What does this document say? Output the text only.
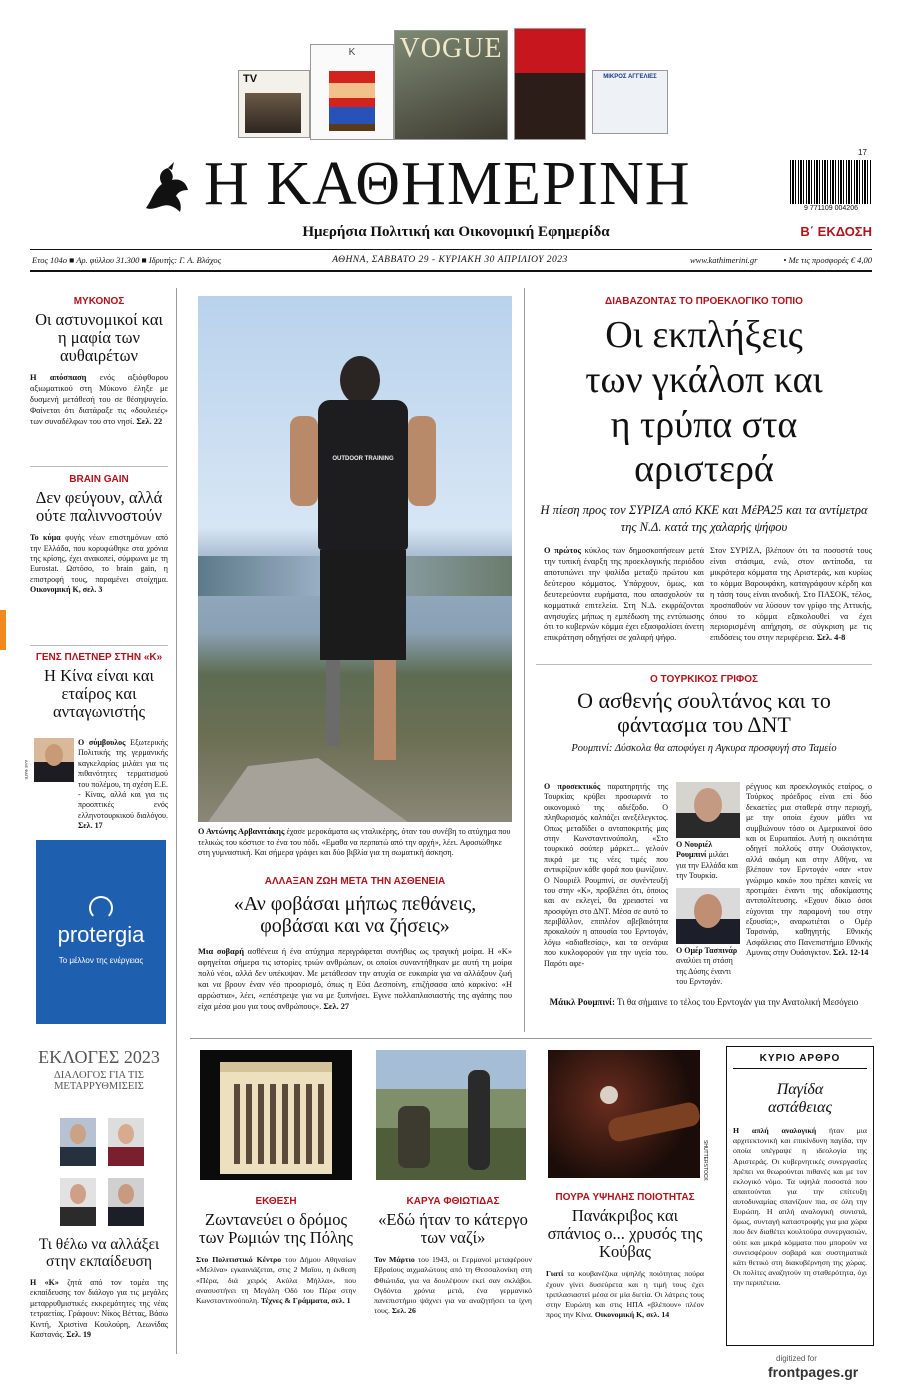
TV
K	VOGUE
ΜΙΚΡΟΣ ΑΓΓΕΛΙΕΣ
Η ΚΑΘΗΜΕΡΙΝΗ
Ημερήσια Πολιτική και Οικονομική Εφημερίδα
17
9 771109 004206
Β΄ ΕΚΔΟΣΗ
Ετος 104ο ■ Αρ. φύλλου 31.300 ■ Ιδρυτής: Γ. Α. Βλάχος	ΑΘΗΝΑ, ΣΑΒΒΑΤΟ 29 - ΚΥΡΙΑΚΗ 30 ΑΠΡΙΛΙΟΥ 2023	www.kathimerini.gr	• Με τις προσφορές € 4,00
ΜΥΚΟΝΟΣ
Οι αστυνομικοί και η μαφία των αυθαιρέτων
Η απόσπαση ενός αξιόφθορου αξιωματικού στη Μύκονο έληξε με δυσμενή μετάθεσή του σε θέσηψυγείο. Φαίνεται ότι διατάραξε τις «δουλειές» των συναδέλφων του στο νησί. Σελ. 22
BRAIN GAIN
Δεν φεύγουν, αλλά ούτε παλιννοστούν
Το κύμα φυγής νέων επιστημόνων από την Ελλάδα, που κορυφώθηκε στα χρόνια της κρίσης, έχει ανακοπεί, σύμφωνα με τη Eurostat. Ωστόσο, το brain gain, η επιστροφή τους, παραμένει στοίχημα. Οικονομική Κ, σελ. 3
ΓΕΝΣ ΠΛΕΤΝΕΡ ΣΤΗΝ «Κ»
Η Κίνα είναι και εταίρος και ανταγωνιστής
ΑΛΕ ΦΑΤΕ
Ο σύμβουλος Εξωτερικής Πολιτικής της γερμανικής καγκελαρίας μιλάει για τις πιθανότητες τερματισμού του πολέμου, τη σχέση Ε.Ε. - Κίνας, αλλά και για τις προοπτικές ενός ελληνοτουρκικού διαλόγου. Σελ. 17
protergia
Το μέλλον της ενέργειας
ΕΚΛΟΓΕΣ 2023
ΔΙΑΛΟΓΟΣ ΓΙΑ ΤΙΣ ΜΕΤΑΡΡΥΘΜΙΣΕΙΣ
Τι θέλω να αλλάξει στην εκπαίδευση
Η «Κ» ζητά από τον τομέα της εκπαίδευσης τον διάλογο για τις μεγάλες μεταρρυθμιστικές εκκρεμότητες της νέας τετραετίας. Γράφουν: Νίκος Βέττας, Βάσω Κιντή, Χριστίνα Κουλούρη, Λεωνίδας Καστανάς. Σελ. 19
OUTDOOR TRAINING
Ο Αντώνης Αρβανιτάκης έχασε μεροκάματα ως νταλικέρης, όταν του συνέβη το ατύχημα που τελικώς του κόστισε το ένα του πόδι. «Εμαθα να περπατώ από την αρχή», λέει. Αφοσιώθηκε στη γυμναστική. Και σήμερα γράφει και δύο βιβλία για τη σωματική άσκηση.
ΑΛΛΑΞΑΝ ΖΩΗ ΜΕΤΑ ΤΗΝ ΑΣΘΕΝΕΙΑ
«Αν φοβάσαι μήπως πεθάνεις, φοβάσαι και να ζήσεις»
Μια σοβαρή ασθένεια ή ένα ατύχημα περιγράφεται συνήθως ως τραγική μοίρα. Η «Κ» αφηγείται σήμερα τις ιστορίες τριών ανθρώπων, οι οποίοι συναντήθηκαν με αυτή τη μοίρα πολύ νέοι, αλλά δεν υπέκυψαν. Με μετάθεσαν την ατυχία σε ευκαιρία για να αλλάξουν ζωή και να βρουν έναν νέο προορισμό, όπως η Εύα Δεσποίνη, επιζήσασα από καρκίνο: «Η αρρώστια», λέει, «επέστρεψε για να με ξυπνήσει. Εγινε πολλαπλασιαστής της αγάπης που είχα μέσα μου για τους ανθρώπους». Σελ. 27
ΔΙΑΒΑΖΟΝΤΑΣ ΤΟ ΠΡΟΕΚΛΟΓΙΚΟ ΤΟΠΙΟ
Οι εκπλήξεις των γκάλοπ και η τρύπα στα αριστερά
Η πίεση προς τον ΣΥΡΙΖΑ από ΚΚΕ και ΜέΡΑ25 και τα αντίμετρα της Ν.Δ. κατά της χαλαρής ψήφου
Ο πρώτος κύκλος των δημοσκοπήσεων μετά την τυπική έναρξη της προεκλογικής περιόδου αποτυπώνει την ψαλίδα μεταξύ πρώτου και δεύτερου κόμματος. Υπάρχουν, όμως, και δευτερεύοντα ευρήματα, που απασχολούν τα κομματικά επιτελεία. Στη Ν.Δ. εκφράζονται ανησυχίες μήπως η εμπέδωση της εντύπωσης ότι το κυβερνών κόμμα έχει εξασφαλίσει άνετη επικράτηση οδηγήσει σε χαλαρή ψήφο.
Στον ΣΥΡΙΖΑ, βλέπουν ότι τα ποσοστά τους είναι στάσιμα, ενώ, στον αντίποδα, τα μικρότερα κόμματα της Αριστεράς, και κυρίως το κόμμα Βαρουφάκη, καταγράφουν κέρδη και η τάση τους είναι ανοδική. Στο ΠΑΣΟΚ, τέλος, προσπαθούν να λύσουν τον γρίφο της Αττικής, όπου το κόμμα εξακολουθεί να έχει περιορισμένη απήχηση, σε σύγκριση με τις επιδόσεις του στην περιφέρεια. Σελ. 4-8
Ο ΤΟΥΡΚΙΚΟΣ ΓΡΙΦΟΣ
Ο ασθενής σουλτάνος και το φάντασμα του ΔΝΤ
Ρουμπινί: Δύσκολα θα αποφύγει η Αγκυρα προσφυγή στο Ταμείο
Ο προσεκτικός παρατηρητής της Τουρκίας κρύβει προσωρινά το οικονομικό της αδιέξοδο. Ο πληθωρισμός καλπάζει ανεξέλεγκτος. Οπως μεταδίδει ο ανταποκριτής μας στην Κωνσταντινούπολη, «Στο τουρκικό σούπερ μάρκετ... γελούν πικρά με τις νέες τιμές που αντικρίζουν κάθε φορά που ψωνίζουν. Ο Νουριέλ Ρουμπινί, σε συνέντευξή του στην «Κ», προβλέπει ότι, όποιος και αν εκλεγεί, θα χρειαστεί να προσφύγει στο ΔΝΤ. Μέσα σε αυτό το περιβάλλον, επιπλέον αβεβαιότητα προκαλούν η απουσία του Ερντογάν, λόγω «αδιαθεσίας», και τα σενάρια που κυκλοφορούν για την υγεία του. Παρότι αφε-
Ο Νουριέλ Ρουμπινί μιλάει για την Ελλάδα και την Τουρκία.
Ο Ομέρ Τασπινάρ αναλύει τη στάση της Δύσης έναντι του Ερντογάν.
ρέγγυος και προεκλογικός εταίρος, ο Τούρκος πρόεδρος είναι επί δύο δεκαετίες μια σταθερά στην περιοχή, με την οποία έχουν μάθει να συμβιώνουν τόσο οι Αμερικανοί όσο και οι Ευρωπαίοι. Αυτή η οικειότητα οδηγεί πολλούς στην Ουάσιγκτον, αλλά ακόμη και στην Αθήνα, να βλέπουν τον Ερντογάν «σαν «τον γνώριμο κακό» που πρέπει κανείς να προτιμάει έναντι της αδοκίμαστης αντιπολίτευσης. «Εχουν δίκιο όσοι εύχονται την παραμονή του στην εξουσία;», αναρωτιέται ο Ομέρ Ταρσινάρ, καθηγητής Εθνικής Ασφάλειας στο Πανεπιστήμιο Εθνικής Αμυνας στην Ουάσιγκτον. Σελ. 12-14
Μάικλ Ρουμπινί: Τι θα σήμαινε το τέλος του Ερντογάν για την Ανατολική Μεσόγειο
ΕΚΘΕΣΗ
Ζωντανεύει ο δρόμος των Ρωμιών της Πόλης
Στο Πολιτιστικό Κέντρο του Δήμου Αθηναίων «Μελίνα» εγκαινιάζεται, στις 2 Μαΐου, η έκθεση «Πέρα, διά χειρός Ακύλα Μήλλα», που ανασυστήνει τη Μεγάλη Οδό του Πέρα στην Κωνσταντινούπολη. Τέχνες & Γράμματα, σελ. 1
ΚΑΡΥΑ ΦΘΙΩΤΙΔΑΣ
«Εδώ ήταν το κάτεργο των ναζί»
Τον Μάρτιο του 1943, οι Γερμανοί μεταφέρουν Εβραίους αιχμαλώτους από τη Θεσσαλονίκη στη Φθιώτιδα, για να δουλέψουν εκεί σαν σκλάβοι. Ογδόντα χρόνια μετά, ένα γερμανικό πανεπιστήμιο ψάχνει για να αναζητήσει τα ίχνη τους. Σελ. 26
SHUTTERSTOCK
ΠΟΥΡΑ ΥΨΗΛΗΣ ΠΟΙΟΤΗΤΑΣ
Πανάκριβος και σπάνιος ο... χρυσός της Κούβας
Γιατί τα κουβανέζικα υψηλής ποιότητας πούρα έχουν γίνει δυσεύρετα και η τιμή τους έχει τριπλασιαστεί μέσα σε μία διετία. Οι λάτρεις τους στην Ευρώπη και στις ΗΠΑ «βλέπουν» πλέον προς την Κίνα. Οικονομική Κ, σελ. 14
ΚΥΡΙΟ ΑΡΘΡΟ
Παγίδα αστάθειας
Η απλή αναλογική ήταν μια αρχιτεκτονική και επικίνδυνη παγίδα, την οποία υπέγραψε η ιδεολογία της Αριστεράς. Οι κυβερνητικές συνεργασίες πρέπει να θεωρούνται πιθανές και με τον εκλογικό νόμο. Τα υψηλά ποσοστά που απαιτούνται για την επίτευξη αυτοδυναμίας σπανίζουν πια, σε όλη την Ευρώπη. Η απλή αναλογική συνιστά, όμως, συνταγή καταστροφής για μια χώρα που δεν διαθέτει κουλτούρα συνεργασιών, ούτε και μικρά κόμματα που μπορούν να συνεισφέρουν σοβαρά και συστηματικά κάτι θετικό στη διακυβέρνηση της χώρας. Οι πολίτες αναζητούν τη σταθερότητα, όχι την περιπέτεια.
digitized for
frontpages.gr
